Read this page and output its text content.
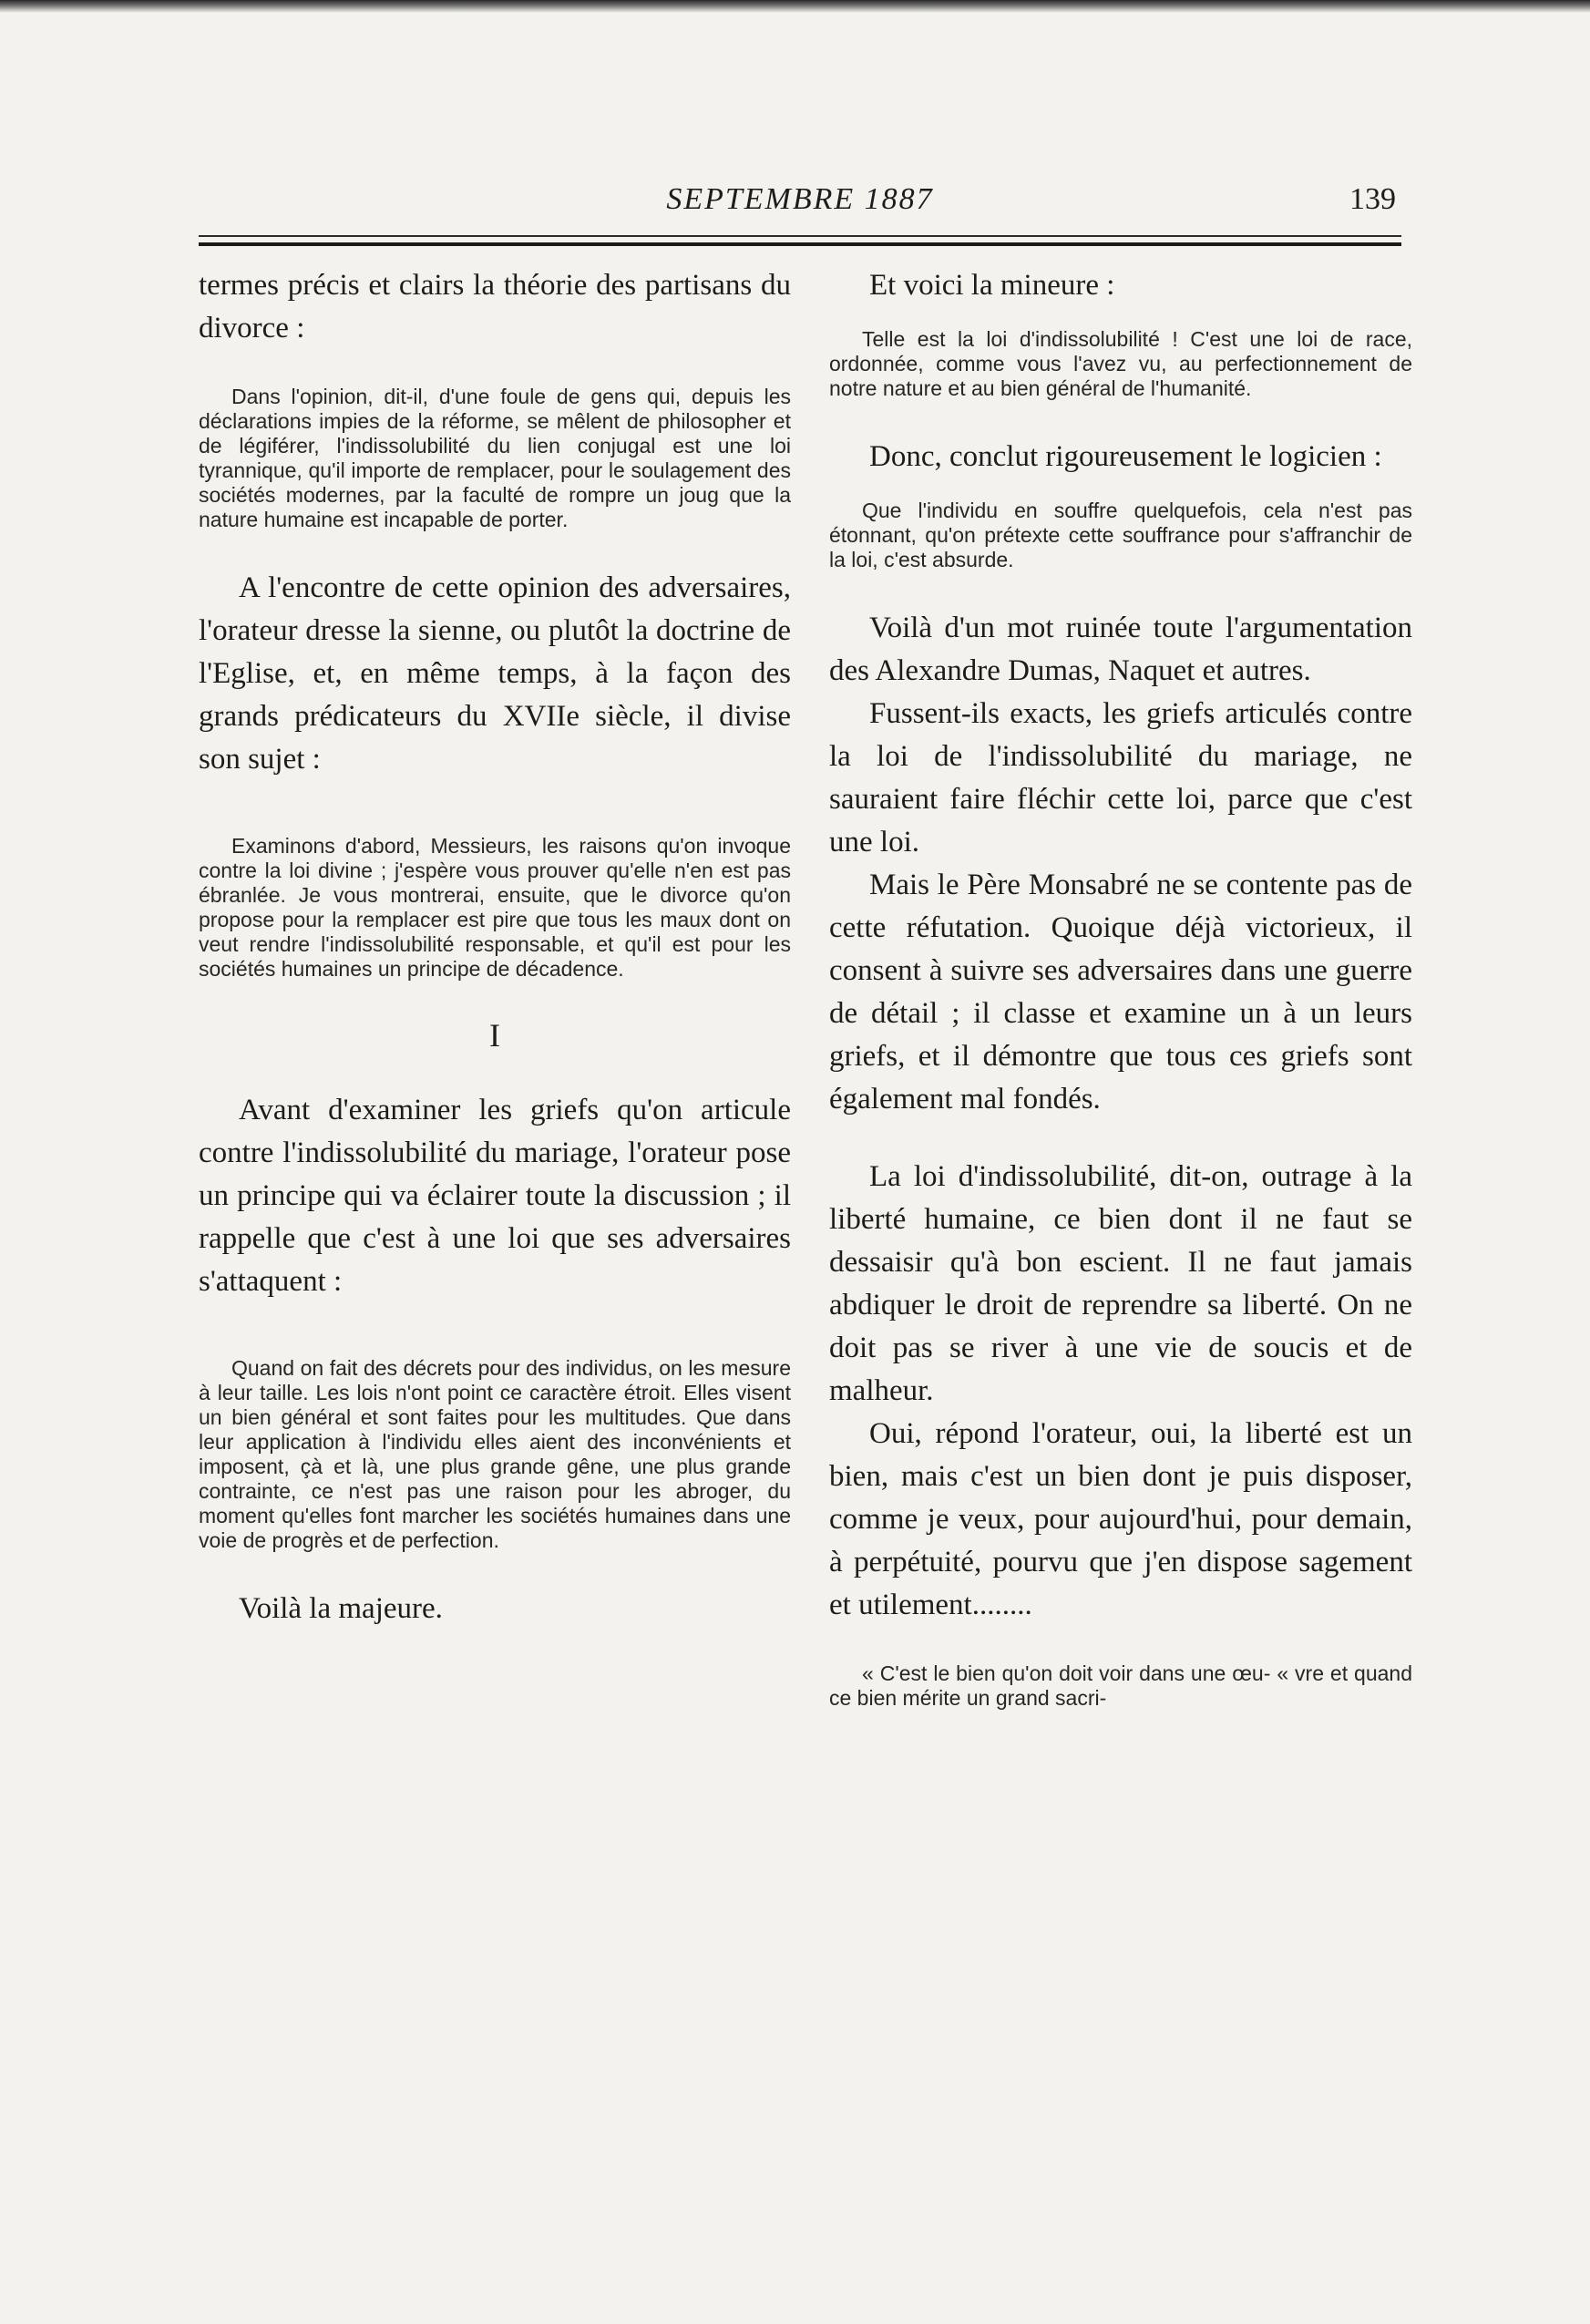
SEPTEMBRE 1887	139

termes précis et clairs la théorie des partisans du divorce :

Dans l'opinion, dit-il, d'une foule de gens qui, depuis les déclarations impies de la réforme, se mêlent de philosopher et de légiférer, l'indissolubilité du lien conjugal est une loi tyrannique, qu'il importe de remplacer, pour le soulagement des sociétés modernes, par la faculté de rompre un joug que la nature humaine est incapable de porter.

A l'encontre de cette opinion des adversaires, l'orateur dresse la sienne, ou plutôt la doctrine de l'Eglise, et, en même temps, à la façon des grands prédicateurs du XVIIe siècle, il divise son sujet :

Examinons d'abord, Messieurs, les raisons qu'on invoque contre la loi divine ; j'espère vous prouver qu'elle n'en est pas ébranlée. Je vous montrerai, ensuite, que le divorce qu'on propose pour la remplacer est pire que tous les maux dont on veut rendre l'indissolubilité responsable, et qu'il est pour les sociétés humaines un principe de décadence.

I

Avant d'examiner les griefs qu'on articule contre l'indissolubilité du mariage, l'orateur pose un principe qui va éclairer toute la discussion ; il rappelle que c'est à une loi que ses adversaires s'attaquent :

Quand on fait des décrets pour des individus, on les mesure à leur taille. Les lois n'ont point ce caractère étroit. Elles visent un bien général et sont faites pour les multitudes. Que dans leur application à l'individu elles aient des inconvénients et imposent, çà et là, une plus grande gêne, une plus grande contrainte, ce n'est pas une raison pour les abroger, du moment qu'elles font marcher les sociétés humaines dans une voie de progrès et de perfection.

Voilà la majeure.

Et voici la mineure :

Telle est la loi d'indissolubilité ! C'est une loi de race, ordonnée, comme vous l'avez vu, au perfectionnement de notre nature et au bien général de l'humanité.

Donc, conclut rigoureusement le logicien :

Que l'individu en souffre quelquefois, cela n'est pas étonnant, qu'on prétexte cette souffrance pour s'affranchir de la loi, c'est absurde.

Voilà d'un mot ruinée toute l'argumentation des Alexandre Dumas, Naquet et autres.

Fussent-ils exacts, les griefs articulés contre la loi de l'indissolubilité du mariage, ne sauraient faire fléchir cette loi, parce que c'est une loi.

Mais le Père Monsabré ne se contente pas de cette réfutation. Quoique déjà victorieux, il consent à suivre ses adversaires dans une guerre de détail ; il classe et examine un à un leurs griefs, et il démontre que tous ces griefs sont également mal fondés.

La loi d'indissolubilité, dit-on, outrage à la liberté humaine, ce bien dont il ne faut se dessaisir qu'à bon escient. Il ne faut jamais abdiquer le droit de reprendre sa liberté. On ne doit pas se river à une vie de soucis et de malheur.

Oui, répond l'orateur, oui, la liberté est un bien, mais c'est un bien dont je puis disposer, comme je veux, pour aujourd'hui, pour demain, à perpétuité, pourvu que j'en dispose sagement et utilement........

« C'est le bien qu'on doit voir dans une œu- « vre et quand ce bien mérite un grand sacri-
